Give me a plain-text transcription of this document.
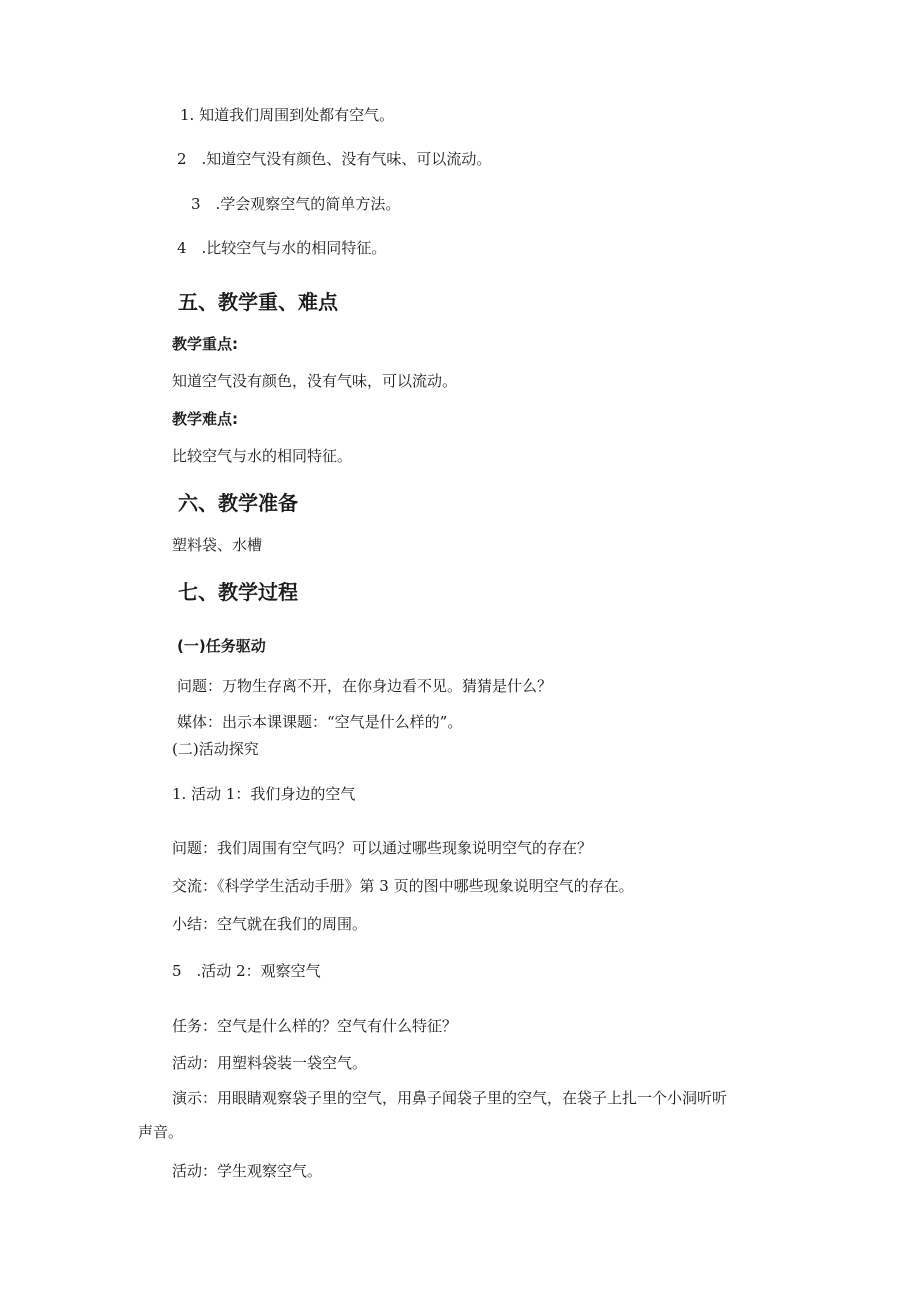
1. 知道我们周围到处都有空气。
2　.知道空气没有颜色、没有气味、可以流动。
3　.学会观察空气的简单方法。
4　.比较空气与水的相同特征。
五、教学重、难点
教学重点:
知道空气没有颜色，没有气味，可以流动。
教学难点:
比较空气与水的相同特征。
六、教学准备
塑料袋、水槽
七、教学过程
(一)任务驱动
问题：万物生存离不开，在你身边看不见。猜猜是什么？
媒体：出示本课课题：“空气是什么样的”。
(二)活动探究
1. 活动 1：我们身边的空气
问题：我们周围有空气吗？可以通过哪些现象说明空气的存在？
交流：《科学学生活动手册》第 3 页的图中哪些现象说明空气的存在。
小结：空气就在我们的周围。
5　.活动 2：观察空气
任务：空气是什么样的？空气有什么特征？
活动：用塑料袋装一袋空气。
演示：用眼睛观察袋子里的空气，用鼻子闻袋子里的空气，在袋子上扎一个小洞听听声音。
活动：学生观察空气。
